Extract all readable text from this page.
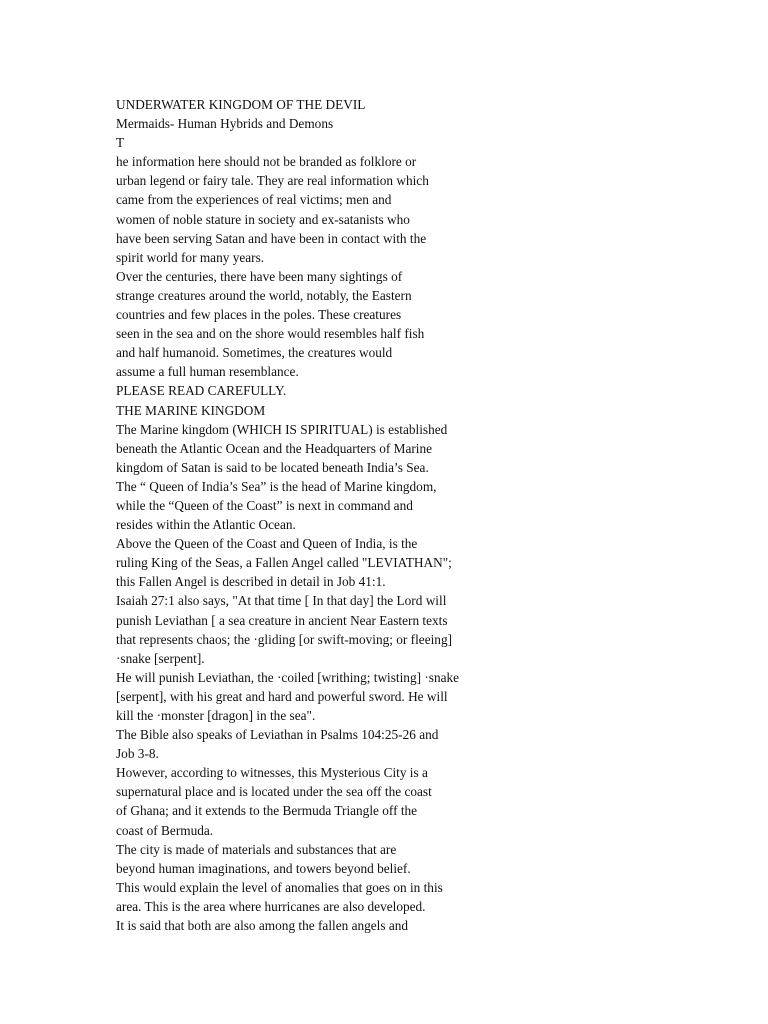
UNDERWATER KINGDOM OF THE DEVIL

Mermaids- Human Hybrids and Demons

T

he information here should not be branded as folklore or

urban legend or fairy tale. They are real information which

came from the experiences of real victims; men and

women of noble stature in society and ex-satanists who

have been serving Satan and have been in contact with the

spirit world for many years.

Over the centuries, there have been many sightings of

strange creatures around the world, notably, the Eastern

countries and few places in the poles. These creatures

seen in the sea and on the shore would resembles half fish

and half humanoid. Sometimes, the creatures would

assume a full human resemblance.

PLEASE READ CAREFULLY.

THE MARINE KINGDOM

The Marine kingdom (WHICH IS SPIRITUAL) is established

beneath the Atlantic Ocean and the Headquarters of Marine

kingdom of Satan is said to be located beneath India’s Sea.

The “ Queen of India’s Sea” is the head of Marine kingdom,

while the “Queen of the Coast” is next in command and

resides within the Atlantic Ocean.

Above the Queen of the Coast and Queen of India, is the

ruling King of the Seas, a Fallen Angel called "LEVIATHAN";

this Fallen Angel is described in detail in Job 41:1.

Isaiah 27:1 also says, "At that time [ In that day] the Lord will

punish Leviathan [ a sea creature in ancient Near Eastern texts

that represents chaos; the ·gliding [or swift-moving; or fleeing]

·snake [serpent].

He will punish Leviathan, the ·coiled [writhing; twisting] ·snake

[serpent], with his great and hard and powerful sword. He will

kill the ·monster [dragon] in the sea".

The Bible also speaks of Leviathan in Psalms 104:25-26 and

Job 3-8.

However, according to witnesses, this Mysterious City is a

supernatural place and is located under the sea off the coast

of Ghana; and it extends to the Bermuda Triangle off the

coast of Bermuda.

The city is made of materials and substances that are

beyond human imaginations, and towers beyond belief.

This would explain the level of anomalies that goes on in this

area. This is the area where hurricanes are also developed.

It is said that both are also among the fallen angels and
